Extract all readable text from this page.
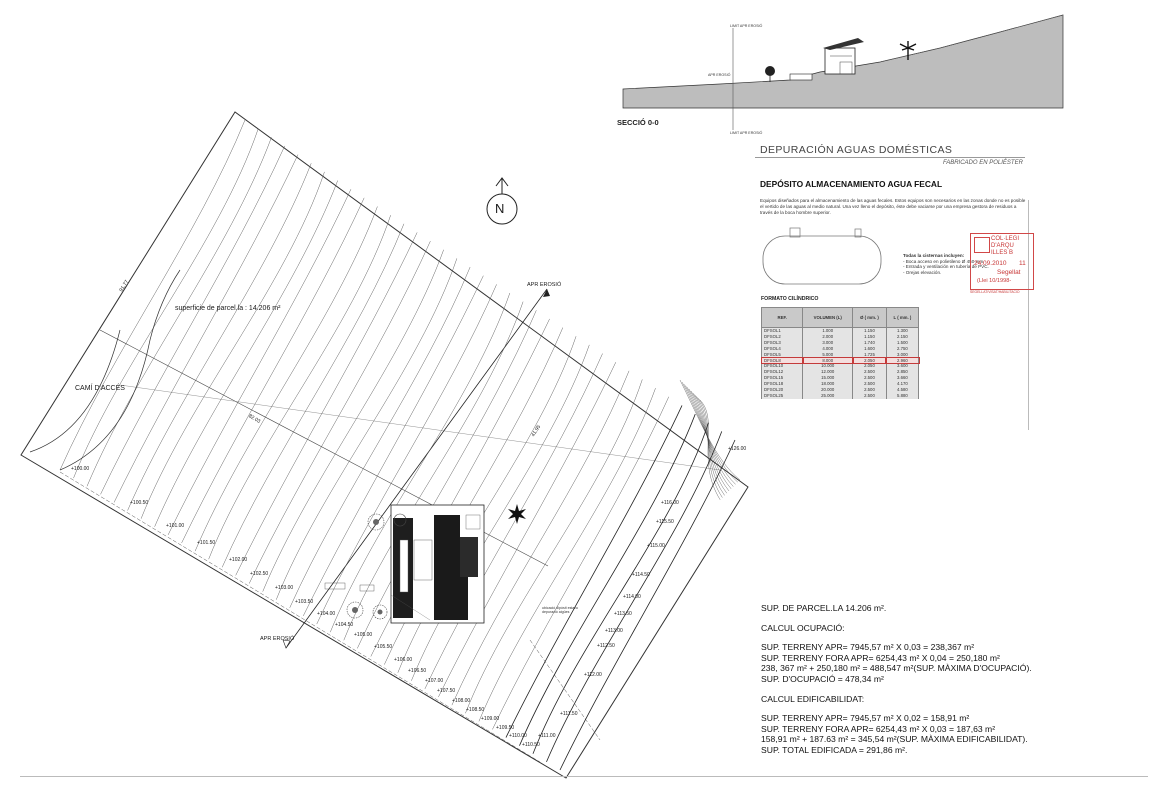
N
superficie de parcel.la : 14.206 m²
CAMÍ D'ACCÉS
APR EROSIÓ
APR EROSIÓ
91.77
82.03
41.95
ubicació dipòsit estanc depuració aigües
+100.00
+100.50
+101.00
+101.50
+102.00
+102.50
+103.00
+103.50
+104.00
+104.50
+105.00
+105.50
+106.00
+106.50
+107.00
+107.50
+108.00
+108.50
+109.00
+109.50
+110.00
+110.50
+111.00
+111.50
+112.00
+112.50
+113.00
+113.50
+114.00
+114.50
+115.00
+115.50
+116.00
+126.00
LIMIT APR EROSIÓ
APR EROSIÓ
LIMIT APR EROSIÓ
SECCIÓ 0-0
DEPURACIÓN AGUAS DOMÉSTICAS
FABRICADO EN POLIÉSTER
DEPÓSITO ALMACENAMIENTO AGUA FECAL
Equipos diseñados para el almacenamiento de las aguas fecales. Estos equipos son necesarios en las zonas donde no es posible el vertido de las aguas al medio natural. Una vez lleno el depósito, éste debe vaciarse por una empresa gestora de residuos a través de la boca hombre superior.
Todas la cisternas incluyen:
- Boca acceso en polietileno Ø 450 mm.
- Entrada y ventilación en tubería de PVC.
- Orejas elevación.
COL·LEGI
D'ARQU
ILLES B
24.09.2010 11
Segellat
(Llei 10/1998-
SEGELLAT/VISAT/HABILITACIO
FORMATO CILÍNDRICO
REF.	VOLUMEN (L)	Ø ( mm. )	L ( mm. )
DFSOL1	1.000	1.150	1.300
DFSOL2	2.000	1.150	2.150
DFSOL3	3.000	1.740	1.500
DFSOL4	4.000	1.600	2.750
DFSOL5	5.000	1.725	3.000
DFSOL8	8.000	2.050	2.960
DFSOL10	10.000	2.050	3.600
DFSOL12	12.000	2.500	2.850
DFSOL15	15.000	2.500	3.660
DFSOL18	18.000	2.500	4.170
DFSOL20	20.000	2.500	4.580
DFSOL25	25.000	2.500	5.880

SUP. DE PARCEL.LA 14.206 m².

CALCUL OCUPACIÓ:

SUP. TERRENY APR= 7945,57 m² X 0,03 = 238,367 m²

SUP. TERRENY FORA APR= 6254,43 m² X 0,04 = 250,180 m²

238, 367 m² + 250,180 m² = 488,547 m²(SUP. MÀXIMA D'OCUPACIÓ).

SUP. D'OCUPACIÓ = 478,34 m²

CALCUL EDIFICABILIDAT:

SUP. TERRENY APR= 7945,57 m² X 0,02 = 158,91 m²

SUP. TERRENY FORA APR= 6254,43 m² X 0,03 = 187,63 m²

158,91 m² + 187.63 m² = 345,54 m²(SUP. MÀXIMA EDIFICABILIDAT).

SUP. TOTAL EDIFICADA = 291,86 m².
